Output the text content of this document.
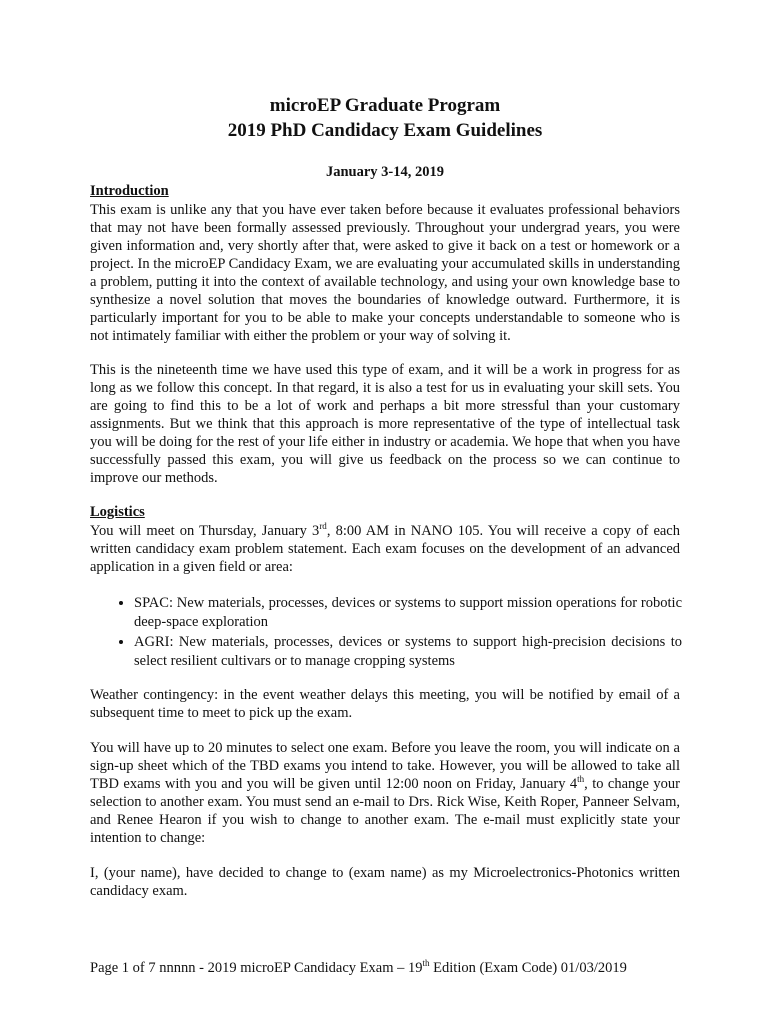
microEP Graduate Program
2019 PhD Candidacy Exam Guidelines
January 3-14, 2019
Introduction

This exam is unlike any that you have ever taken before because it evaluates professional behaviors that may not have been formally assessed previously. Throughout your undergrad years, you were given information and, very shortly after that, were asked to give it back on a test or homework or a project. In the microEP Candidacy Exam, we are evaluating your accumulated skills in understanding a problem, putting it into the context of available technology, and using your own knowledge base to synthesize a novel solution that moves the boundaries of knowledge outward. Furthermore, it is particularly important for you to be able to make your concepts understandable to someone who is not intimately familiar with either the problem or your way of solving it.

This is the nineteenth time we have used this type of exam, and it will be a work in progress for as long as we follow this concept. In that regard, it is also a test for us in evaluating your skill sets. You are going to find this to be a lot of work and perhaps a bit more stressful than your customary assignments. But we think that this approach is more representative of the type of intellectual task you will be doing for the rest of your life either in industry or academia. We hope that when you have successfully passed this exam, you will give us feedback on the process so we can continue to improve our methods.

Logistics

You will meet on Thursday, January 3rd, 8:00 AM in NANO 105. You will receive a copy of each written candidacy exam problem statement. Each exam focuses on the development of an advanced application in a given field or area:

• SPAC: New materials, processes, devices or systems to support mission operations for robotic deep-space exploration
• AGRI: New materials, processes, devices or systems to support high-precision decisions to select resilient cultivars or to manage cropping systems

Weather contingency: in the event weather delays this meeting, you will be notified by email of a subsequent time to meet to pick up the exam.

You will have up to 20 minutes to select one exam. Before you leave the room, you will indicate on a sign-up sheet which of the TBD exams you intend to take. However, you will be allowed to take all TBD exams with you and you will be given until 12:00 noon on Friday, January 4th, to change your selection to another exam. You must send an e-mail to Drs. Rick Wise, Keith Roper, Panneer Selvam, and Renee Hearon if you wish to change to another exam. The e-mail must explicitly state your intention to change:

I, (your name), have decided to change to (exam name) as my Microelectronics-Photonics written candidacy exam.

Page 1 of 7 nnnnn - 2019 microEP Candidacy Exam – 19th Edition (Exam Code) 01/03/2019
